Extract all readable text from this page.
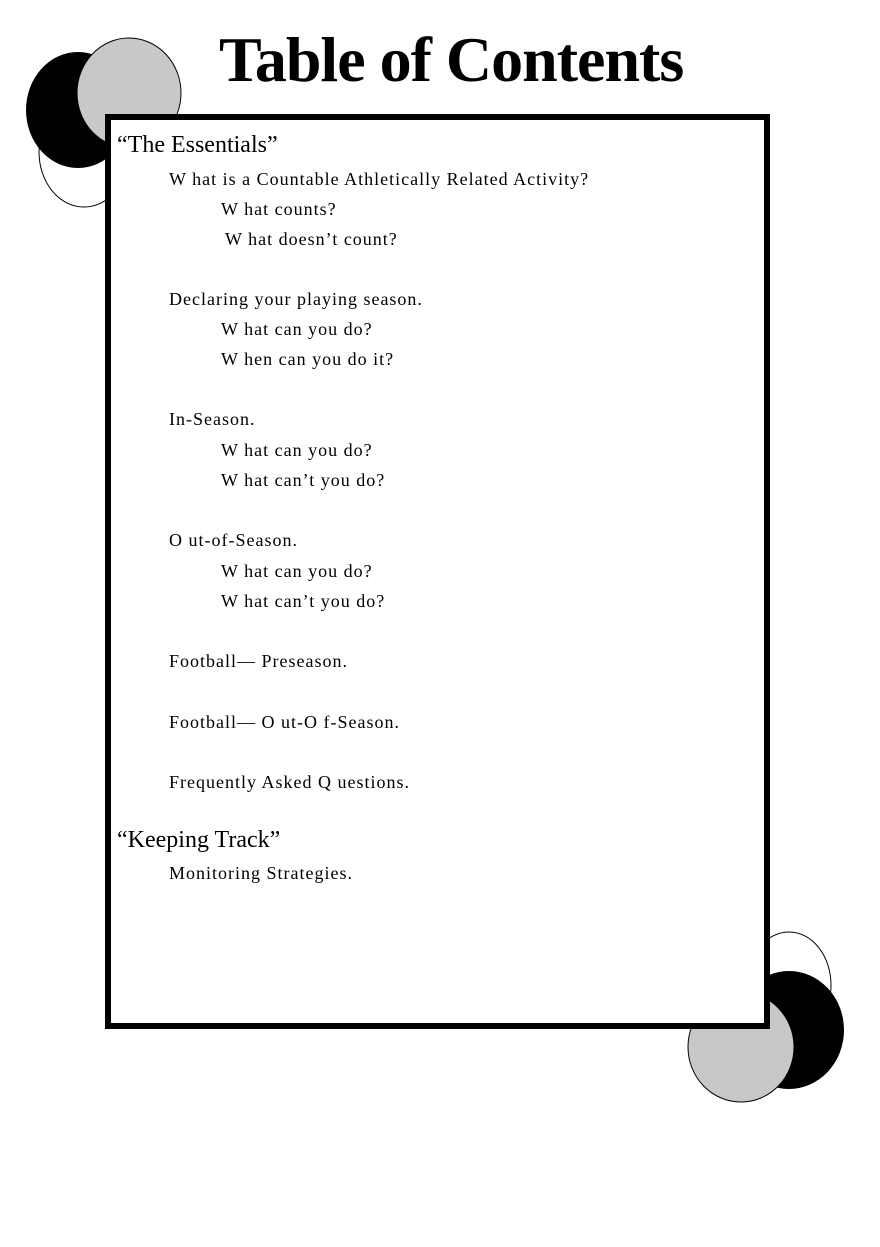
Table of Contents
“The Essentials”
“Keeping Track”
W hat is a Countable Athletically Related Activity?
W hat counts?
W hat doesn’t count?
Declaring your playing season.
W hat can you do?
W hen can you do it?
In-Season.
W hat can you do?
W hat can’t you do?
O ut-of-Season.
W hat can you do?
W hat can’t you do?
Football— Preseason.
Football— O ut-O f-Season.
Frequently Asked Q uestions.
Monitoring Strategies.
